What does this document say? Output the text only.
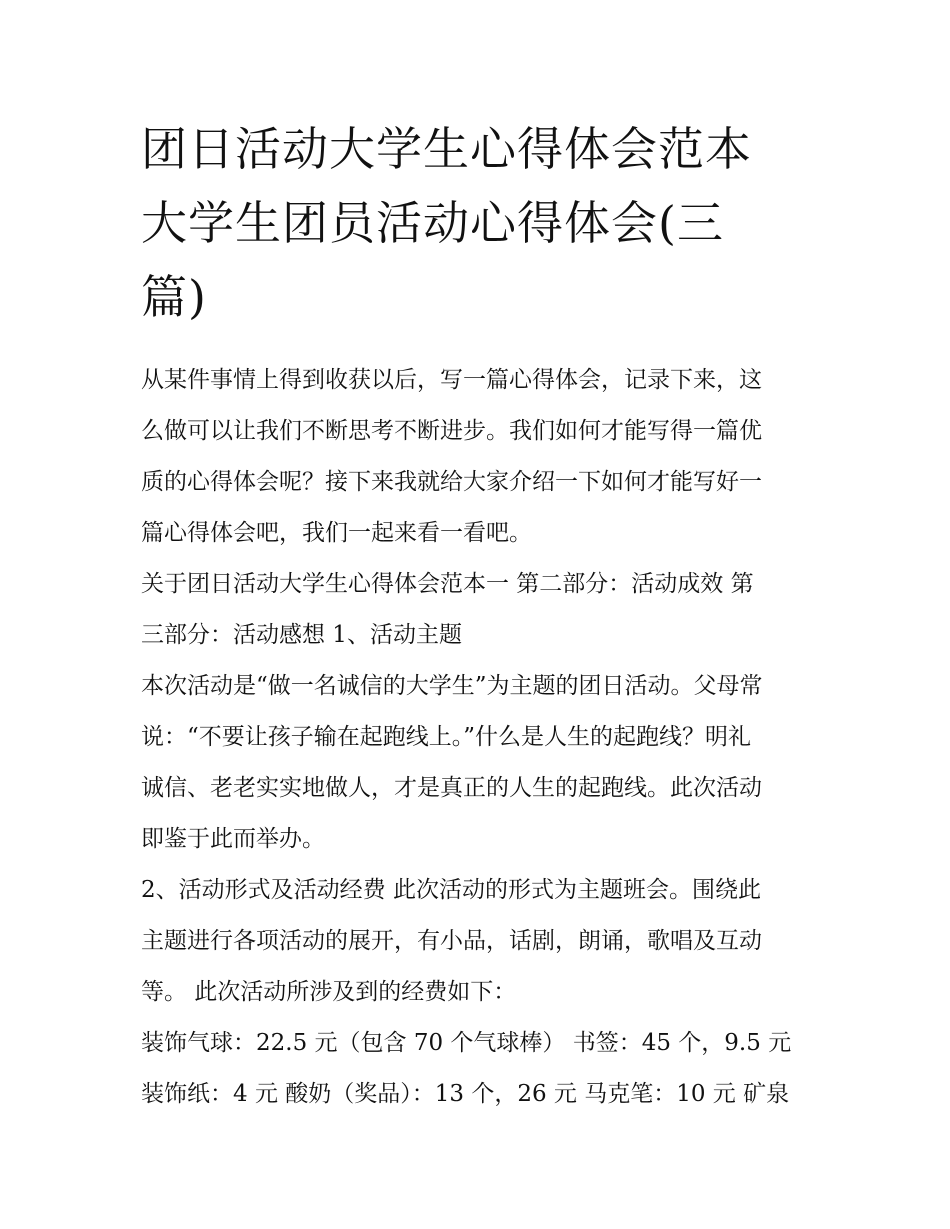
团日活动大学生心得体会范本
大学生团员活动心得体会(三
篇)
从某件事情上得到收获以后，写一篇心得体会，记录下来，这
么做可以让我们不断思考不断进步。我们如何才能写得一篇优
质的心得体会呢？接下来我就给大家介绍一下如何才能写好一
篇心得体会吧，我们一起来看一看吧。
关于团日活动大学生心得体会范本一 第二部分：活动成效 第
三部分：活动感想 1、活动主题
本次活动是“做一名诚信的大学生”为主题的团日活动。父母常
说：“不要让孩子输在起跑线上。”什么是人生的起跑线？明礼
诚信、老老实实地做人，才是真正的人生的起跑线。此次活动
即鉴于此而举办。
2、活动形式及活动经费 此次活动的形式为主题班会。围绕此
主题进行各项活动的展开，有小品，话剧，朗诵，歌唱及互动
等。 此次活动所涉及到的经费如下：
装饰气球：22.5 元（包含 70 个气球棒） 书签：45 个，9.5 元
装饰纸：4 元 酸奶（奖品）：13 个，26 元 马克笔：10 元 矿泉
